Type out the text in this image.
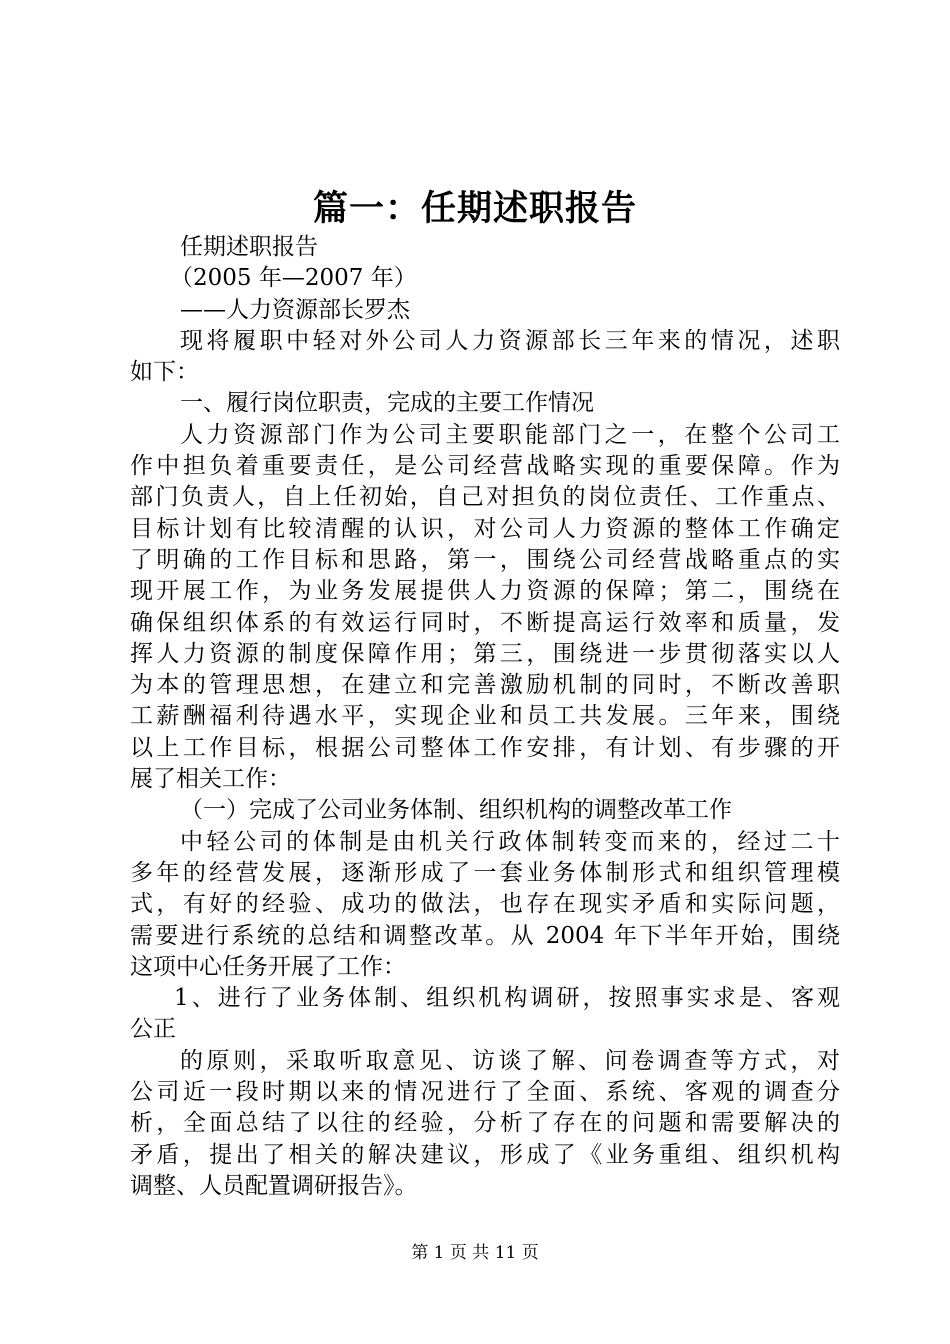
篇一：任期述职报告
任期述职报告
（2005 年—2007 年）
——人力资源部长罗杰
现将履职中轻对外公司人力资源部长三年来的情况，述职
如下：
一、履行岗位职责，完成的主要工作情况
人力资源部门作为公司主要职能部门之一，在整个公司工
作中担负着重要责任，是公司经营战略实现的重要保障。作为
部门负责人，自上任初始，自己对担负的岗位责任、工作重点、
目标计划有比较清醒的认识，对公司人力资源的整体工作确定
了明确的工作目标和思路，第一，围绕公司经营战略重点的实
现开展工作，为业务发展提供人力资源的保障；第二，围绕在
确保组织体系的有效运行同时，不断提高运行效率和质量，发
挥人力资源的制度保障作用；第三，围绕进一步贯彻落实以人
为本的管理思想，在建立和完善激励机制的同时，不断改善职
工薪酬福利待遇水平，实现企业和员工共发展。三年来，围绕
以上工作目标，根据公司整体工作安排，有计划、有步骤的开
展了相关工作：
（一）完成了公司业务体制、组织机构的调整改革工作
中轻公司的体制是由机关行政体制转变而来的，经过二十
多年的经营发展，逐渐形成了一套业务体制形式和组织管理模
式，有好的经验、成功的做法，也存在现实矛盾和实际问题，
需要进行系统的总结和调整改革。从 2004 年下半年开始，围绕
这项中心任务开展了工作：
1、进行了业务体制、组织机构调研，按照事实求是、客观
公正
的原则，采取听取意见、访谈了解、问卷调查等方式，对
公司近一段时期以来的情况进行了全面、系统、客观的调查分
析，全面总结了以往的经验，分析了存在的问题和需要解决的
矛盾，提出了相关的解决建议，形成了《业务重组、组织机构
调整、人员配置调研报告》。
第 1 页 共 11 页
